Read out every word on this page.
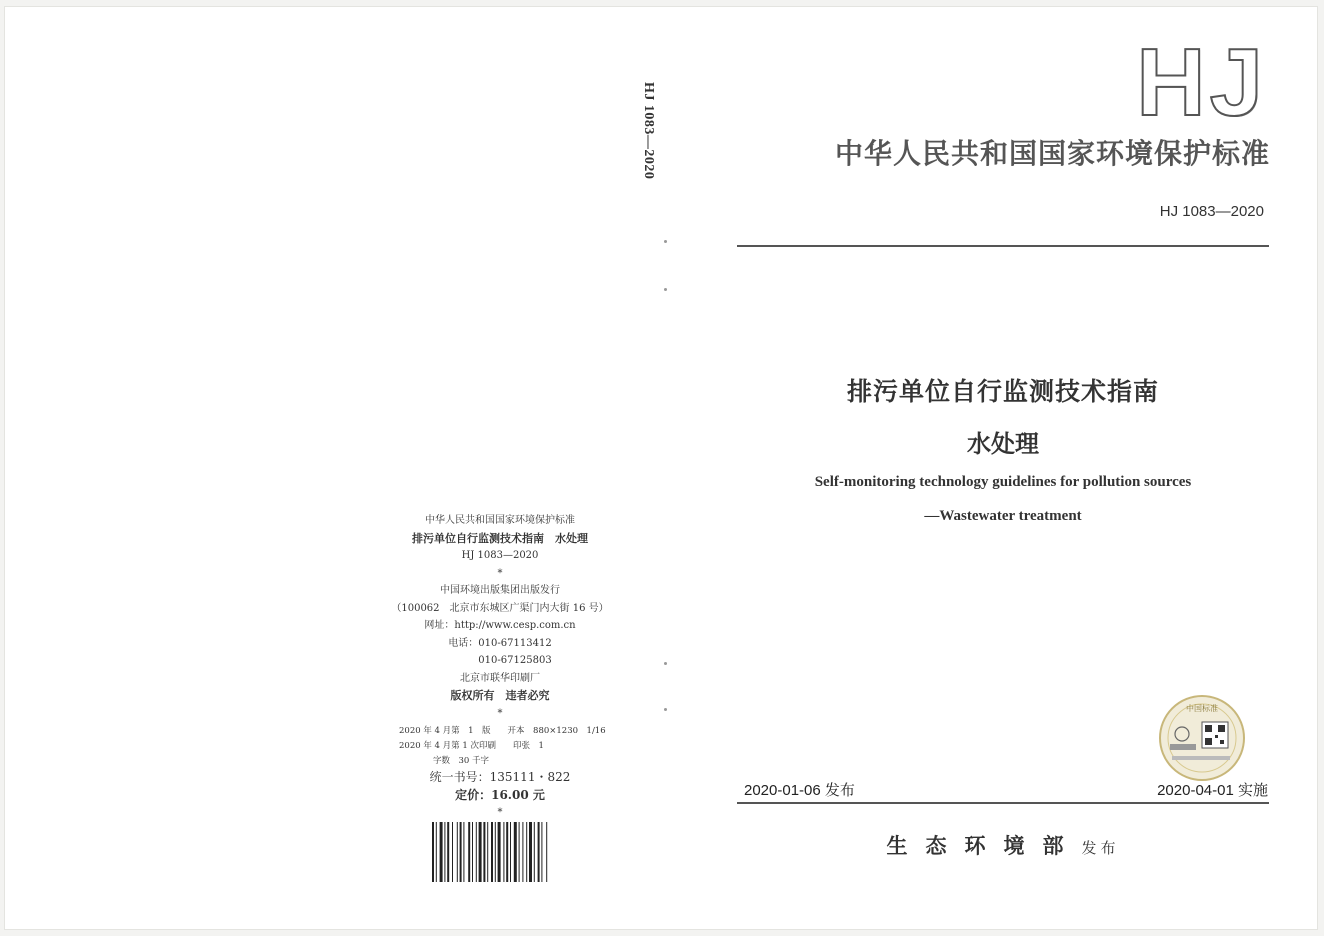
HJ 1083—2020
中华人民共和国国家环境保护标准
排污单位自行监测技术指南　水处理
HJ 1083—2020
*
中国环境出版集团出版发行
（100062　北京市东城区广渠门内大街 16 号）
网址：http://www.cesp.com.cn
电话：010-67113412
　　　010-67125803
北京市联华印刷厂
版权所有　违者必究
*
2020 年 4 月第　1　版　　开本　880×1230　1/16
2020 年 4 月第 1 次印刷　　印张　1
　　　　字数　30 千字
统一书号：135111・822
定价：16.00 元
*
HJ
中华人民共和国国家环境保护标准
HJ 1083—2020
排污单位自行监测技术指南
水处理
Self-monitoring technology guidelines for pollution sources
—Wastewater treatment
中国标准
2020-01-06 发布	2020-04-01 实施
生态环境部发布
